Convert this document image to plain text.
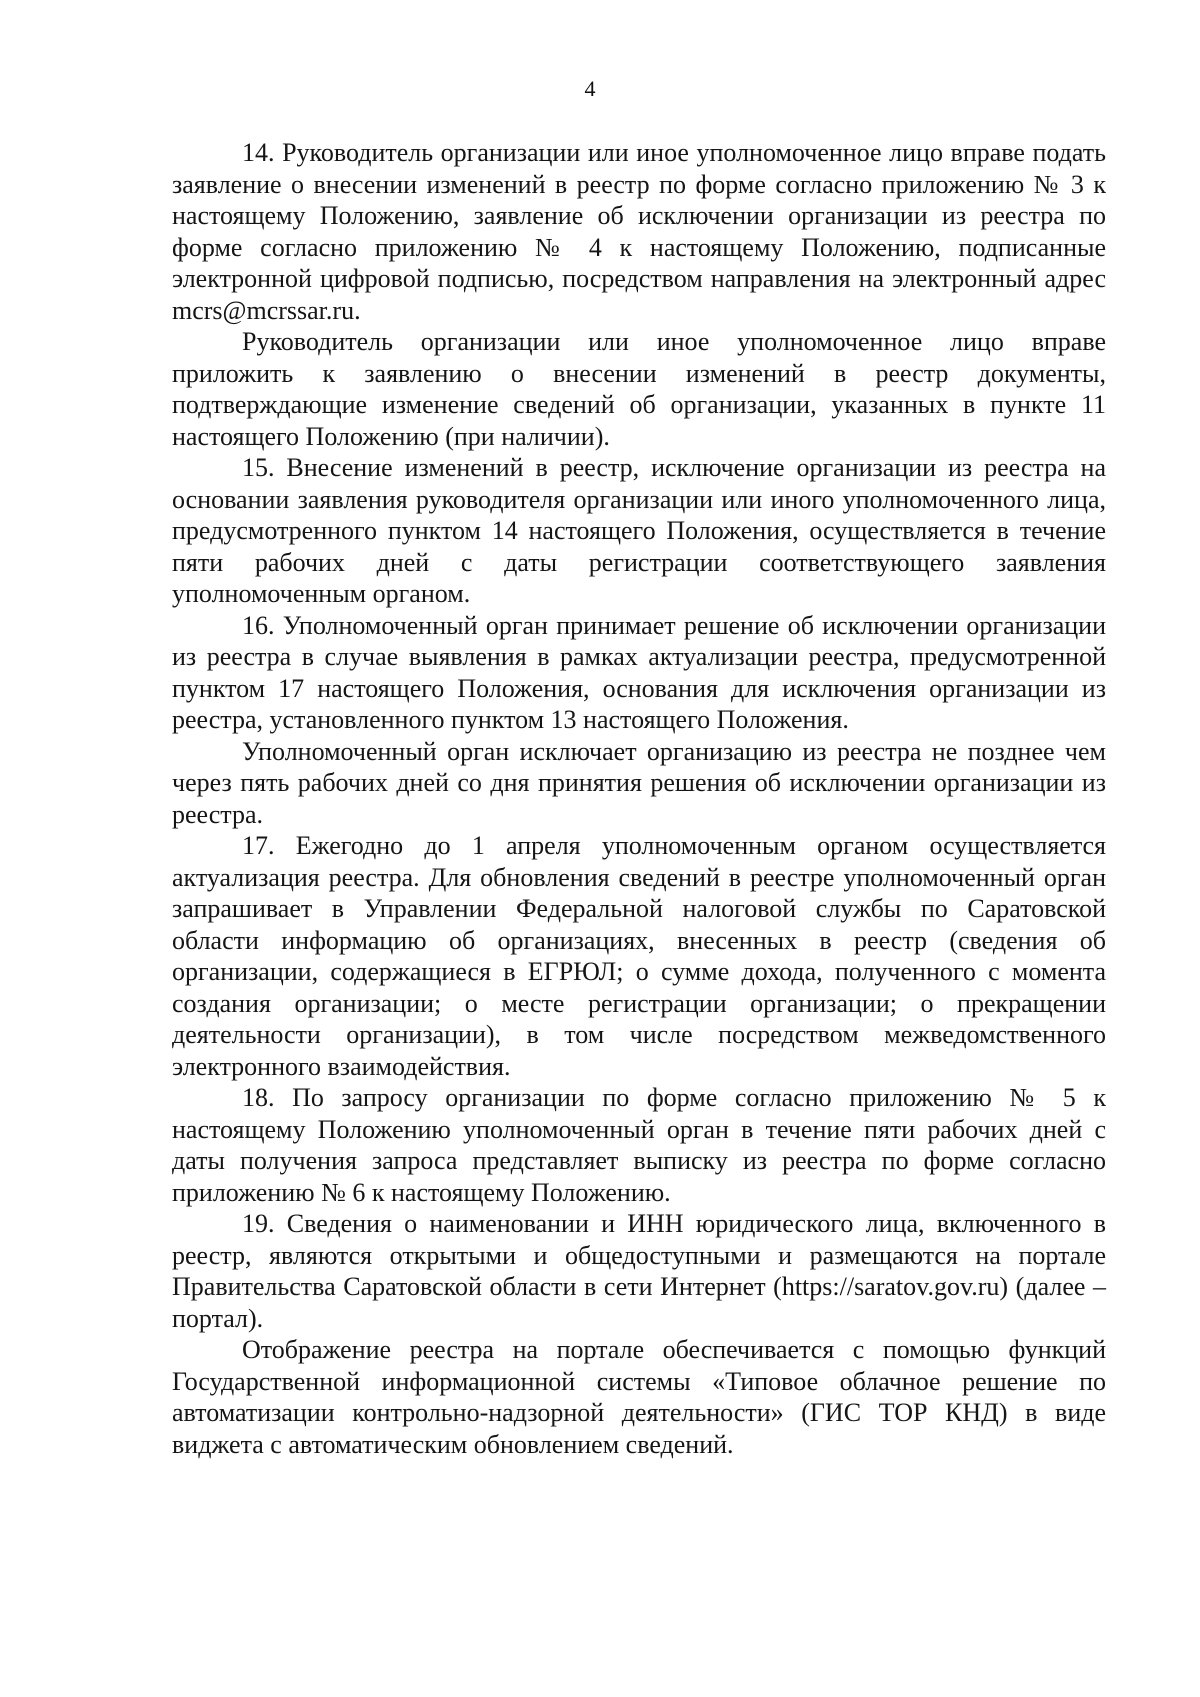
4

14. Руководитель организации или иное уполномоченное лицо вправе подать заявление о внесении изменений в реестр по форме согласно приложению № 3 к настоящему Положению, заявление об исключении организации из реестра по форме согласно приложению № 4 к настоящему Положению, подписанные электронной цифровой подписью, посредством направления на электронный адрес mcrs@mcrssar.ru.

Руководитель организации или иное уполномоченное лицо вправе приложить к заявлению о внесении изменений в реестр документы, подтверждающие изменение сведений об организации, указанных в пункте 11 настоящего Положению (при наличии).

15. Внесение изменений в реестр, исключение организации из реестра на основании заявления руководителя организации или иного уполномоченного лица, предусмотренного пунктом 14 настоящего Положения, осуществляется в течение пяти рабочих дней с даты регистрации соответствующего заявления уполномоченным органом.

16. Уполномоченный орган принимает решение об исключении организации из реестра в случае выявления в рамках актуализации реестра, предусмотренной пунктом 17 настоящего Положения, основания для исключения организации из реестра, установленного пунктом 13 настоящего Положения.

Уполномоченный орган исключает организацию из реестра не позднее чем через пять рабочих дней со дня принятия решения об исключении организации из реестра.

17. Ежегодно до 1 апреля уполномоченным органом осуществляется актуализация реестра. Для обновления сведений в реестре уполномоченный орган запрашивает в Управлении Федеральной налоговой службы по Саратовской области информацию об организациях, внесенных в реестр (сведения об организации, содержащиеся в ЕГРЮЛ; о сумме дохода, полученного с момента создания организации; о месте регистрации организации; о прекращении деятельности организации), в том числе посредством межведомственного электронного взаимодействия.

18. По запросу организации по форме согласно приложению № 5 к настоящему Положению уполномоченный орган в течение пяти рабочих дней с даты получения запроса представляет выписку из реестра по форме согласно приложению № 6 к настоящему Положению.

19. Сведения о наименовании и ИНН юридического лица, включенного в реестр, являются открытыми и общедоступными и размещаются на портале Правительства Саратовской области в сети Интернет (https://saratov.gov.ru) (далее – портал).

Отображение реестра на портале обеспечивается с помощью функций Государственной информационной системы «Типовое облачное решение по автоматизации контрольно-надзорной деятельности» (ГИС ТОР КНД) в виде виджета с автоматическим обновлением сведений.
